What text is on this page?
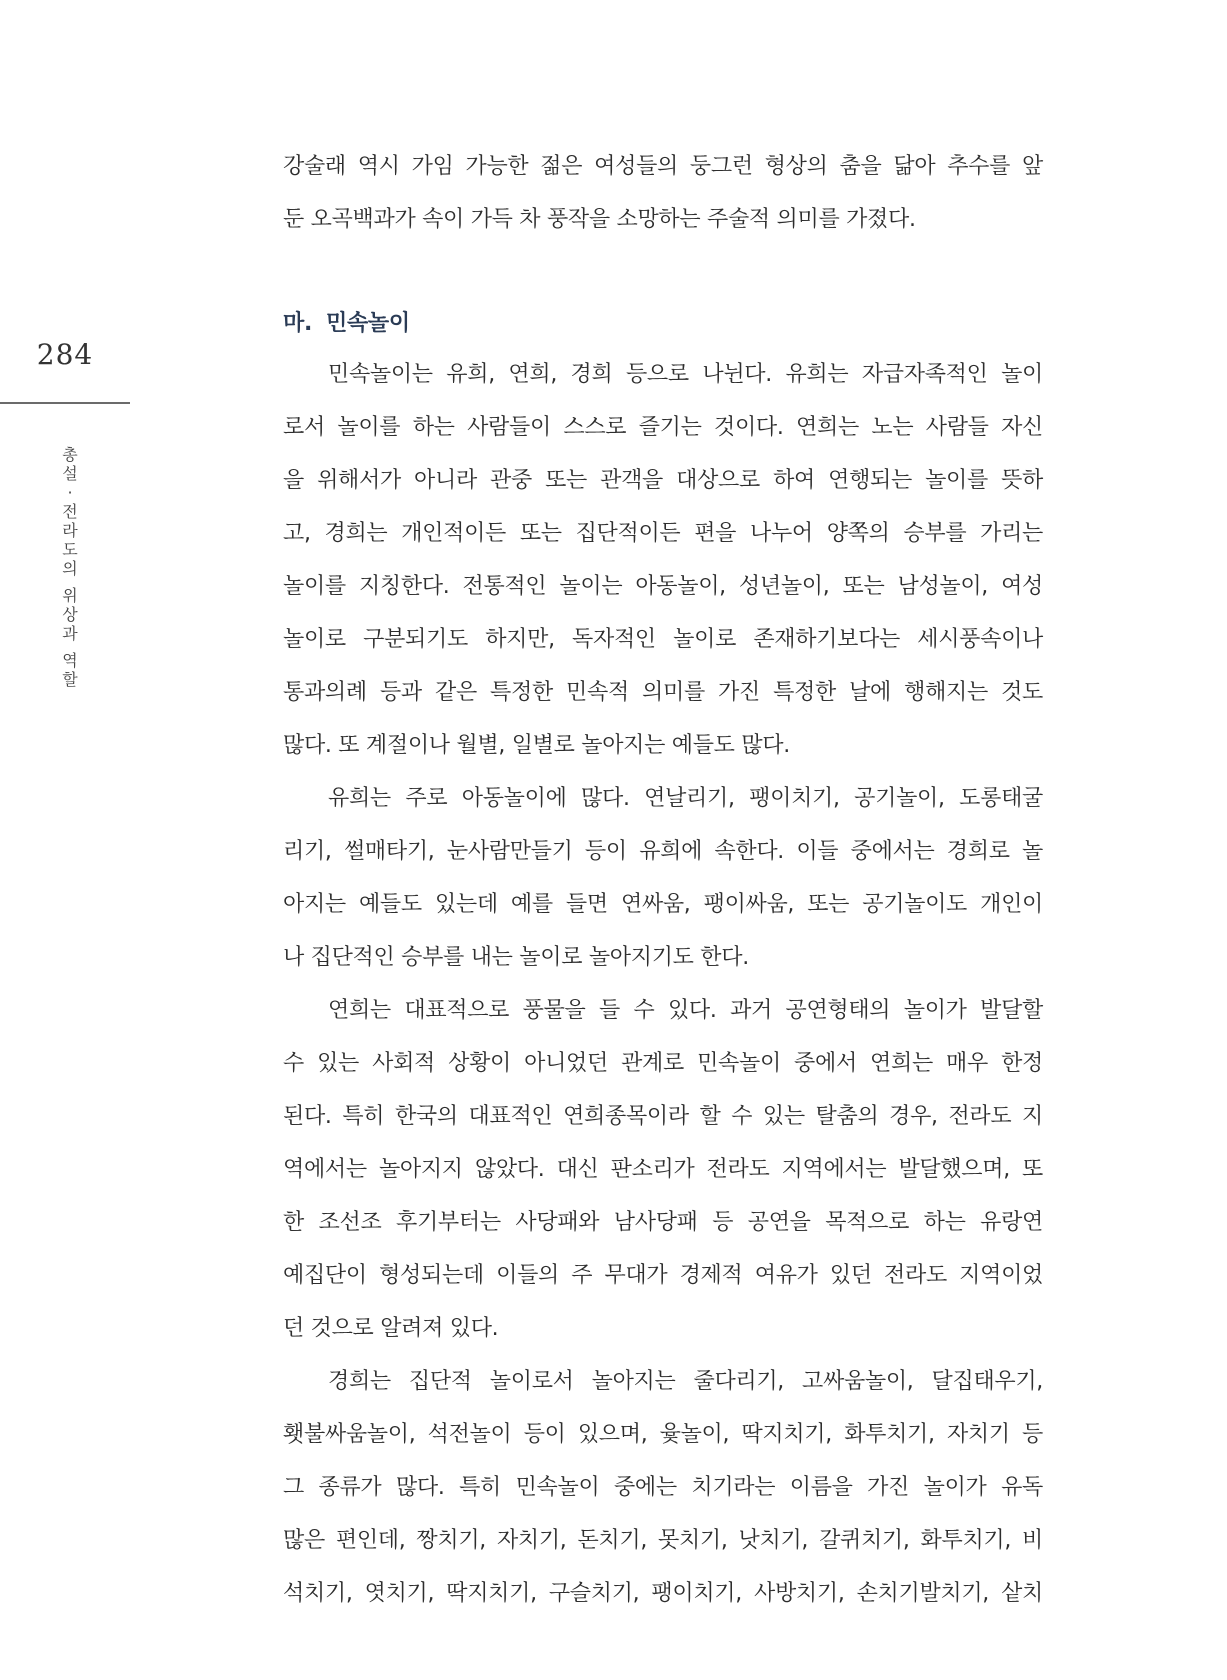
284
총
설
·
전
라
도
의
위
상
과
역
할

강술래 역시 가임 가능한 젊은 여성들의 둥그런 형상의 춤을 닮아 추수를 앞
둔 오곡백과가 속이 가득 차 풍작을 소망하는 주술적 의미를 가졌다.

마. 민속놀이

민속놀이는 유희, 연희, 경희 등으로 나뉜다. 유희는 자급자족적인 놀이
로서 놀이를 하는 사람들이 스스로 즐기는 것이다. 연희는 노는 사람들 자신
을 위해서가 아니라 관중 또는 관객을 대상으로 하여 연행되는 놀이를 뜻하
고, 경희는 개인적이든 또는 집단적이든 편을 나누어 양쪽의 승부를 가리는
놀이를 지칭한다. 전통적인 놀이는 아동놀이, 성년놀이, 또는 남성놀이, 여성
놀이로 구분되기도 하지만, 독자적인 놀이로 존재하기보다는 세시풍속이나
통과의례 등과 같은 특정한 민속적 의미를 가진 특정한 날에 행해지는 것도
많다. 또 계절이나 월별, 일별로 놀아지는 예들도 많다.

유희는 주로 아동놀이에 많다. 연날리기, 팽이치기, 공기놀이, 도롱태굴
리기, 썰매타기, 눈사람만들기 등이 유희에 속한다. 이들 중에서는 경희로 놀
아지는 예들도 있는데 예를 들면 연싸움, 팽이싸움, 또는 공기놀이도 개인이
나 집단적인 승부를 내는 놀이로 놀아지기도 한다.

연희는 대표적으로 풍물을 들 수 있다. 과거 공연형태의 놀이가 발달할
수 있는 사회적 상황이 아니었던 관계로 민속놀이 중에서 연희는 매우 한정
된다. 특히 한국의 대표적인 연희종목이라 할 수 있는 탈춤의 경우, 전라도 지
역에서는 놀아지지 않았다. 대신 판소리가 전라도 지역에서는 발달했으며, 또
한 조선조 후기부터는 사당패와 남사당패 등 공연을 목적으로 하는 유랑연
예집단이 형성되는데 이들의 주 무대가 경제적 여유가 있던 전라도 지역이었
던 것으로 알려져 있다.

경희는 집단적 놀이로서 놀아지는 줄다리기, 고싸움놀이, 달집태우기,
횃불싸움놀이, 석전놀이 등이 있으며, 윷놀이, 딱지치기, 화투치기, 자치기 등
그 종류가 많다. 특히 민속놀이 중에는 치기라는 이름을 가진 놀이가 유독
많은 편인데, 짱치기, 자치기, 돈치기, 못치기, 낫치기, 갈퀴치기, 화투치기, 비
석치기, 엿치기, 딱지치기, 구슬치기, 팽이치기, 사방치기, 손치기발치기, 샅치
